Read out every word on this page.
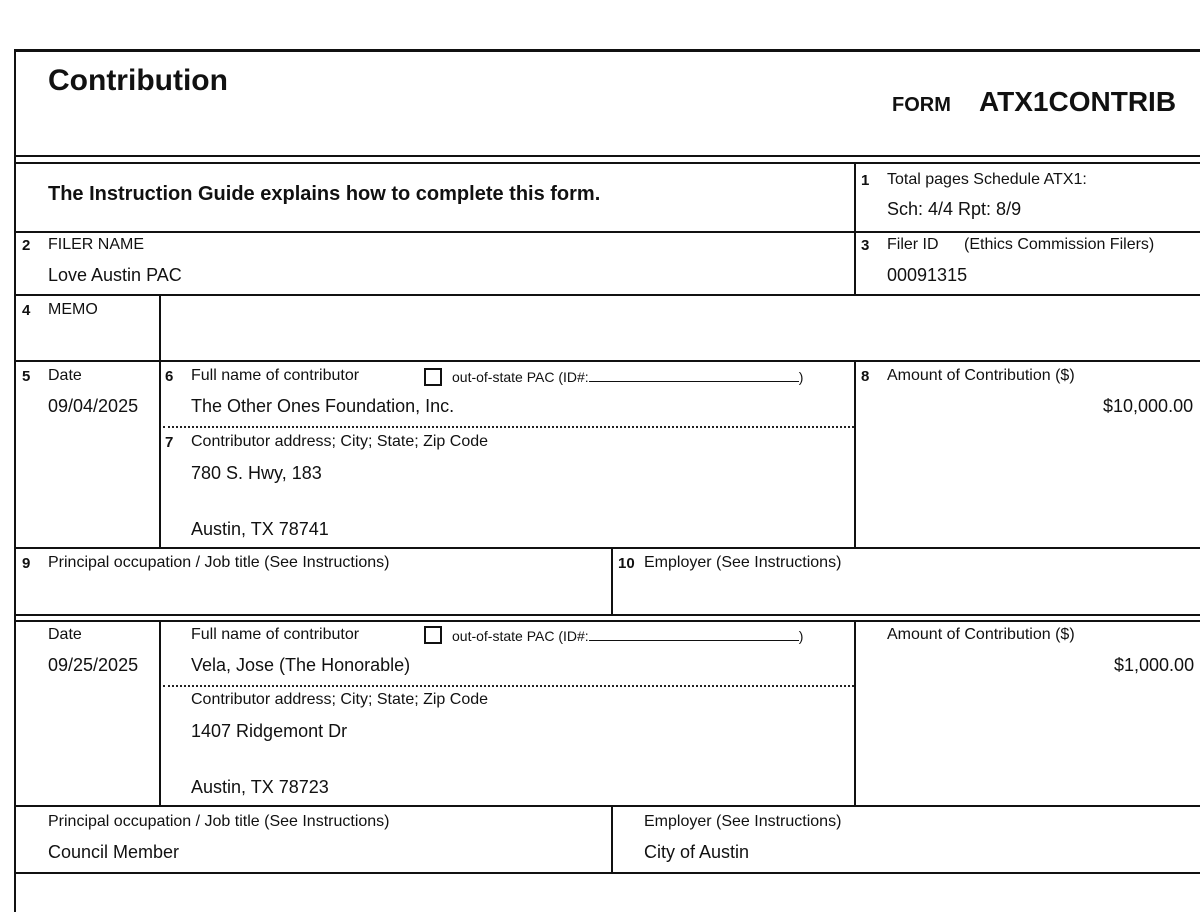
Contribution
FORM ATX1CONTRIB
The Instruction Guide explains how to complete this form.
1 Total pages Schedule ATX1:
Sch: 4/4 Rpt: 8/9
2 FILER NAME
Love Austin PAC
3 Filer ID (Ethics Commission Filers)
00091315
4 MEMO
5 Date
09/04/2025
6 Full name of contributor	out-of-state PAC (ID#:	)
The Other Ones Foundation, Inc.
7 Contributor address; City; State; Zip Code
780 S. Hwy, 183
Austin, TX 78741
8 Amount of Contribution ($)
$10,000.00
9 Principal occupation / Job title (See Instructions)	10 Employer (See Instructions)
Date
09/25/2025
Full name of contributor	out-of-state PAC (ID#:	)
Vela, Jose (The Honorable)
Contributor address; City; State; Zip Code
1407 Ridgemont Dr
Austin, TX 78723
Amount of Contribution ($)
$1,000.00
Principal occupation / Job title (See Instructions)
Council Member
Employer (See Instructions)
City of Austin
